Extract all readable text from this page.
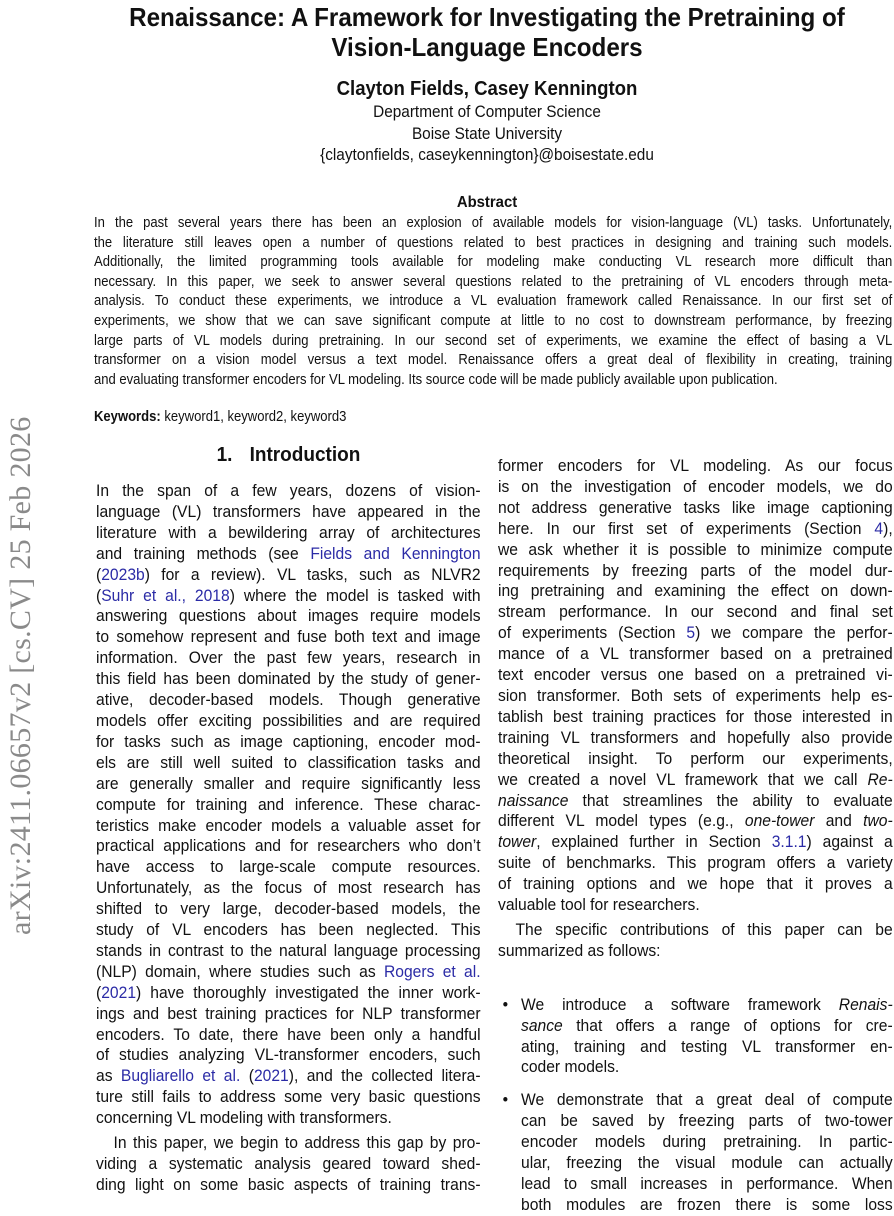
arXiv:2411.06657v2 [cs.CV] 25 Feb 2026
Renaissance: A Framework for Investigating the Pretraining of
Vision-Language Encoders
Clayton Fields, Casey Kennington
Department of Computer Science
Boise State University
{claytonfields, caseykennington}@boisestate.edu
Abstract
In the past several years there has been an explosion of available models for vision-language (VL) tasks. Unfortunately,
the literature still leaves open a number of questions related to best practices in designing and training such models.
Additionally, the limited programming tools available for modeling make conducting VL research more difficult than
necessary. In this paper, we seek to answer several questions related to the pretraining of VL encoders through meta-
analysis. To conduct these experiments, we introduce a VL evaluation framework called Renaissance. In our first set of
experiments, we show that we can save significant compute at little to no cost to downstream performance, by freezing
large parts of VL models during pretraining. In our second set of experiments, we examine the effect of basing a VL
transformer on a vision model versus a text model. Renaissance offers a great deal of flexibility in creating, training
and evaluating transformer encoders for VL modeling. Its source code will be made publicly available upon publication.
Keywords: keyword1, keyword2, keyword3
1. Introduction
In the span of a few years, dozens of vision-
language (VL) transformers have appeared in the
literature with a bewildering array of architectures
and training methods (see Fields and Kennington
(2023b) for a review). VL tasks, such as NLVR2
(Suhr et al., 2018) where the model is tasked with
answering questions about images require models
to somehow represent and fuse both text and image
information. Over the past few years, research in
this field has been dominated by the study of gener-
ative, decoder-based models. Though generative
models offer exciting possibilities and are required
for tasks such as image captioning, encoder mod-
els are still well suited to classification tasks and
are generally smaller and require significantly less
compute for training and inference. These charac-
teristics make encoder models a valuable asset for
practical applications and for researchers who don’t
have access to large-scale compute resources.
Unfortunately, as the focus of most research has
shifted to very large, decoder-based models, the
study of VL encoders has been neglected. This
stands in contrast to the natural language processing
(NLP) domain, where studies such as Rogers et al.
(2021) have thoroughly investigated the inner work-
ings and best training practices for NLP transformer
encoders. To date, there have been only a handful
of studies analyzing VL-transformer encoders, such
as Bugliarello et al. (2021), and the collected litera-
ture still fails to address some very basic questions
concerning VL modeling with transformers.
In this paper, we begin to address this gap by pro-
viding a systematic analysis geared toward shed-
ding light on some basic aspects of training trans-
former encoders for VL modeling. As our focus
is on the investigation of encoder models, we do
not address generative tasks like image captioning
here. In our first set of experiments (Section 4),
we ask whether it is possible to minimize compute
requirements by freezing parts of the model dur-
ing pretraining and examining the effect on down-
stream performance. In our second and final set
of experiments (Section 5) we compare the perfor-
mance of a VL transformer based on a pretrained
text encoder versus one based on a pretrained vi-
sion transformer. Both sets of experiments help es-
tablish best training practices for those interested in
training VL transformers and hopefully also provide
theoretical insight. To perform our experiments,
we created a novel VL framework that we call Re-
naissance that streamlines the ability to evaluate
different VL model types (e.g., one-tower and two-
tower, explained further in Section 3.1.1) against a
suite of benchmarks. This program offers a variety
of training options and we hope that it proves a
valuable tool for researchers.
The specific contributions of this paper can be
summarized as follows:
• We introduce a software framework Renais-
sance that offers a range of options for cre-
ating, training and testing VL transformer en-
coder models.
• We demonstrate that a great deal of compute
can be saved by freezing parts of two-tower
encoder models during pretraining. In partic-
ular, freezing the visual module can actually
lead to small increases in performance. When
both modules are frozen there is some loss
